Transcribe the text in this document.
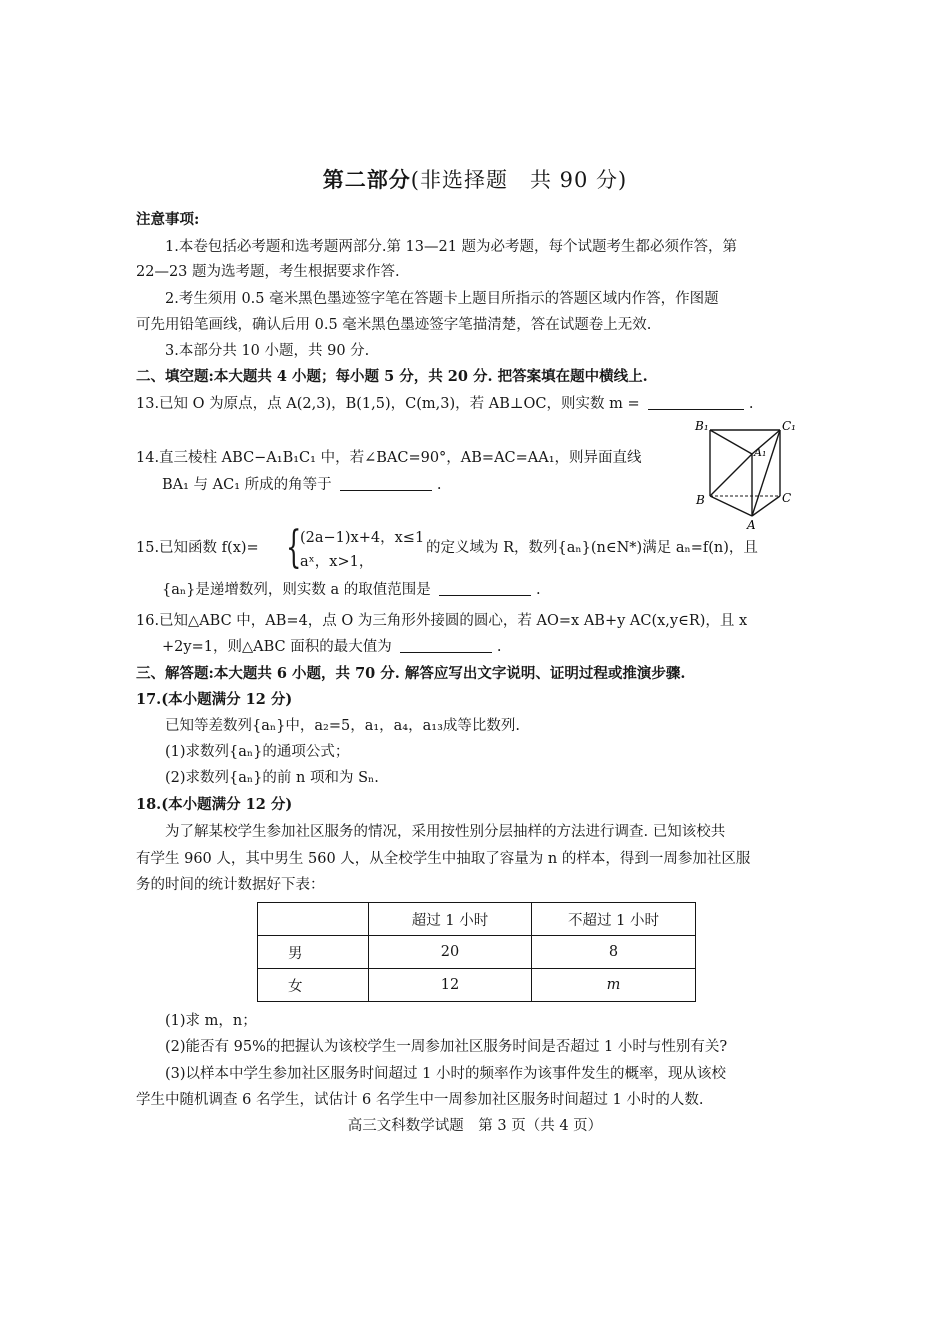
第二部分(非选择题　共 90 分)
注意事项:
1.本卷包括必考题和选考题两部分.第 13—21 题为必考题，每个试题考生都必须作答，第
22—23 题为选考题，考生根据要求作答.
2.考生须用 0.5 毫米黑色墨迹签字笔在答题卡上题目所指示的答题区域内作答，作图题
可先用铅笔画线，确认后用 0.5 毫米黑色墨迹签字笔描清楚，答在试题卷上无效.
3.本部分共 10 小题，共 90 分.
二、填空题:本大题共 4 小题；每小题 5 分，共 20 分. 把答案填在题中横线上.
13.已知 O 为原点，点 A(2,3)，B(1,5)，C(m,3)，若 AB⊥OC，则实数 m =	.
14.直三棱柱 ABC−A₁B₁C₁ 中，若∠BAC=90°，AB=AC=AA₁，则异面直线
BA₁ 与 AC₁ 所成的角等于	.
B₁	C₁
A₁
B	C
A
15.已知函数 f(x)= {
(2a−1)x+4，x≤1
aˣ，x>1，
的定义域为 R，数列{aₙ}(n∈N*)满足 aₙ=f(n)，且
{aₙ}是递增数列，则实数 a 的取值范围是	.
16.已知△ABC 中，AB=4，点 O 为三角形外接圆的圆心，若 AO=x AB+y AC(x,y∈R)，且 x
+2y=1，则△ABC 面积的最大值为	.
三、解答题:本大题共 6 小题，共 70 分. 解答应写出文字说明、证明过程或推演步骤.
17.(本小题满分 12 分)
已知等差数列{aₙ}中，a₂=5，a₁，a₄，a₁₃成等比数列.
(1)求数列{aₙ}的通项公式；
(2)求数列{aₙ}的前 n 项和为 Sₙ.
18.(本小题满分 12 分)
为了解某校学生参加社区服务的情况，采用按性别分层抽样的方法进行调查. 已知该校共
有学生 960 人，其中男生 560 人，从全校学生中抽取了容量为 n 的样本，得到一周参加社区服
务的时间的统计数据好下表：
	超过 1 小时	不超过 1 小时
男	20	8
女	12	m
(1)求 m，n；
(2)能否有 95%的把握认为该校学生一周参加社区服务时间是否超过 1 小时与性别有关?
(3)以样本中学生参加社区服务时间超过 1 小时的频率作为该事件发生的概率，现从该校
学生中随机调查 6 名学生，试估计 6 名学生中一周参加社区服务时间超过 1 小时的人数.
高三文科数学试题　第 3 页（共 4 页）
